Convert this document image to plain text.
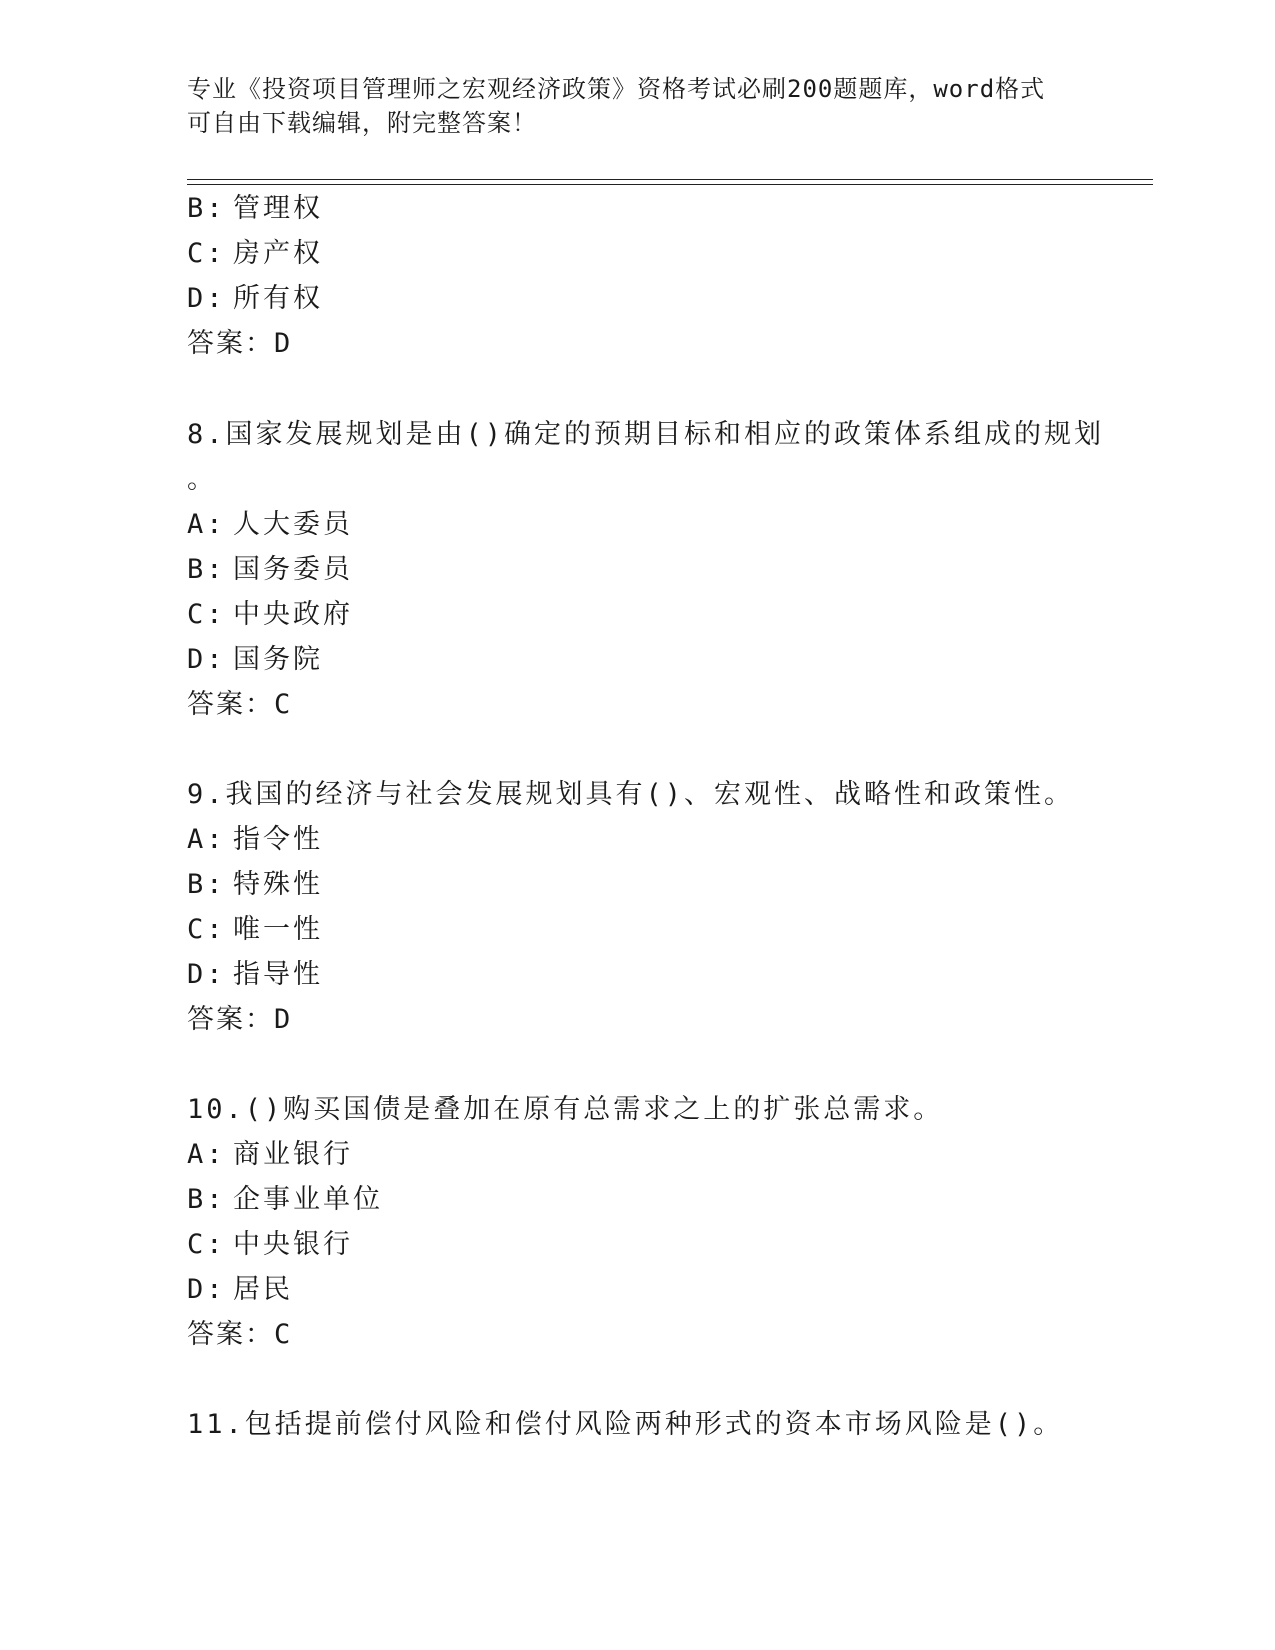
专业《投资项目管理师之宏观经济政策》资格考试必刷200题题库，word格式可自由下载编辑，附完整答案！
B: 管理权
C: 房产权
D: 所有权
答案：D
8.国家发展规划是由()确定的预期目标和相应的政策体系组成的规划
。
A: 人大委员
B: 国务委员
C: 中央政府
D: 国务院
答案：C
9.我国的经济与社会发展规划具有()、宏观性、战略性和政策性。
A: 指令性
B: 特殊性
C: 唯一性
D: 指导性
答案：D
10.()购买国债是叠加在原有总需求之上的扩张总需求。
A: 商业银行
B: 企事业单位
C: 中央银行
D: 居民
答案：C
11.包括提前偿付风险和偿付风险两种形式的资本市场风险是()。
